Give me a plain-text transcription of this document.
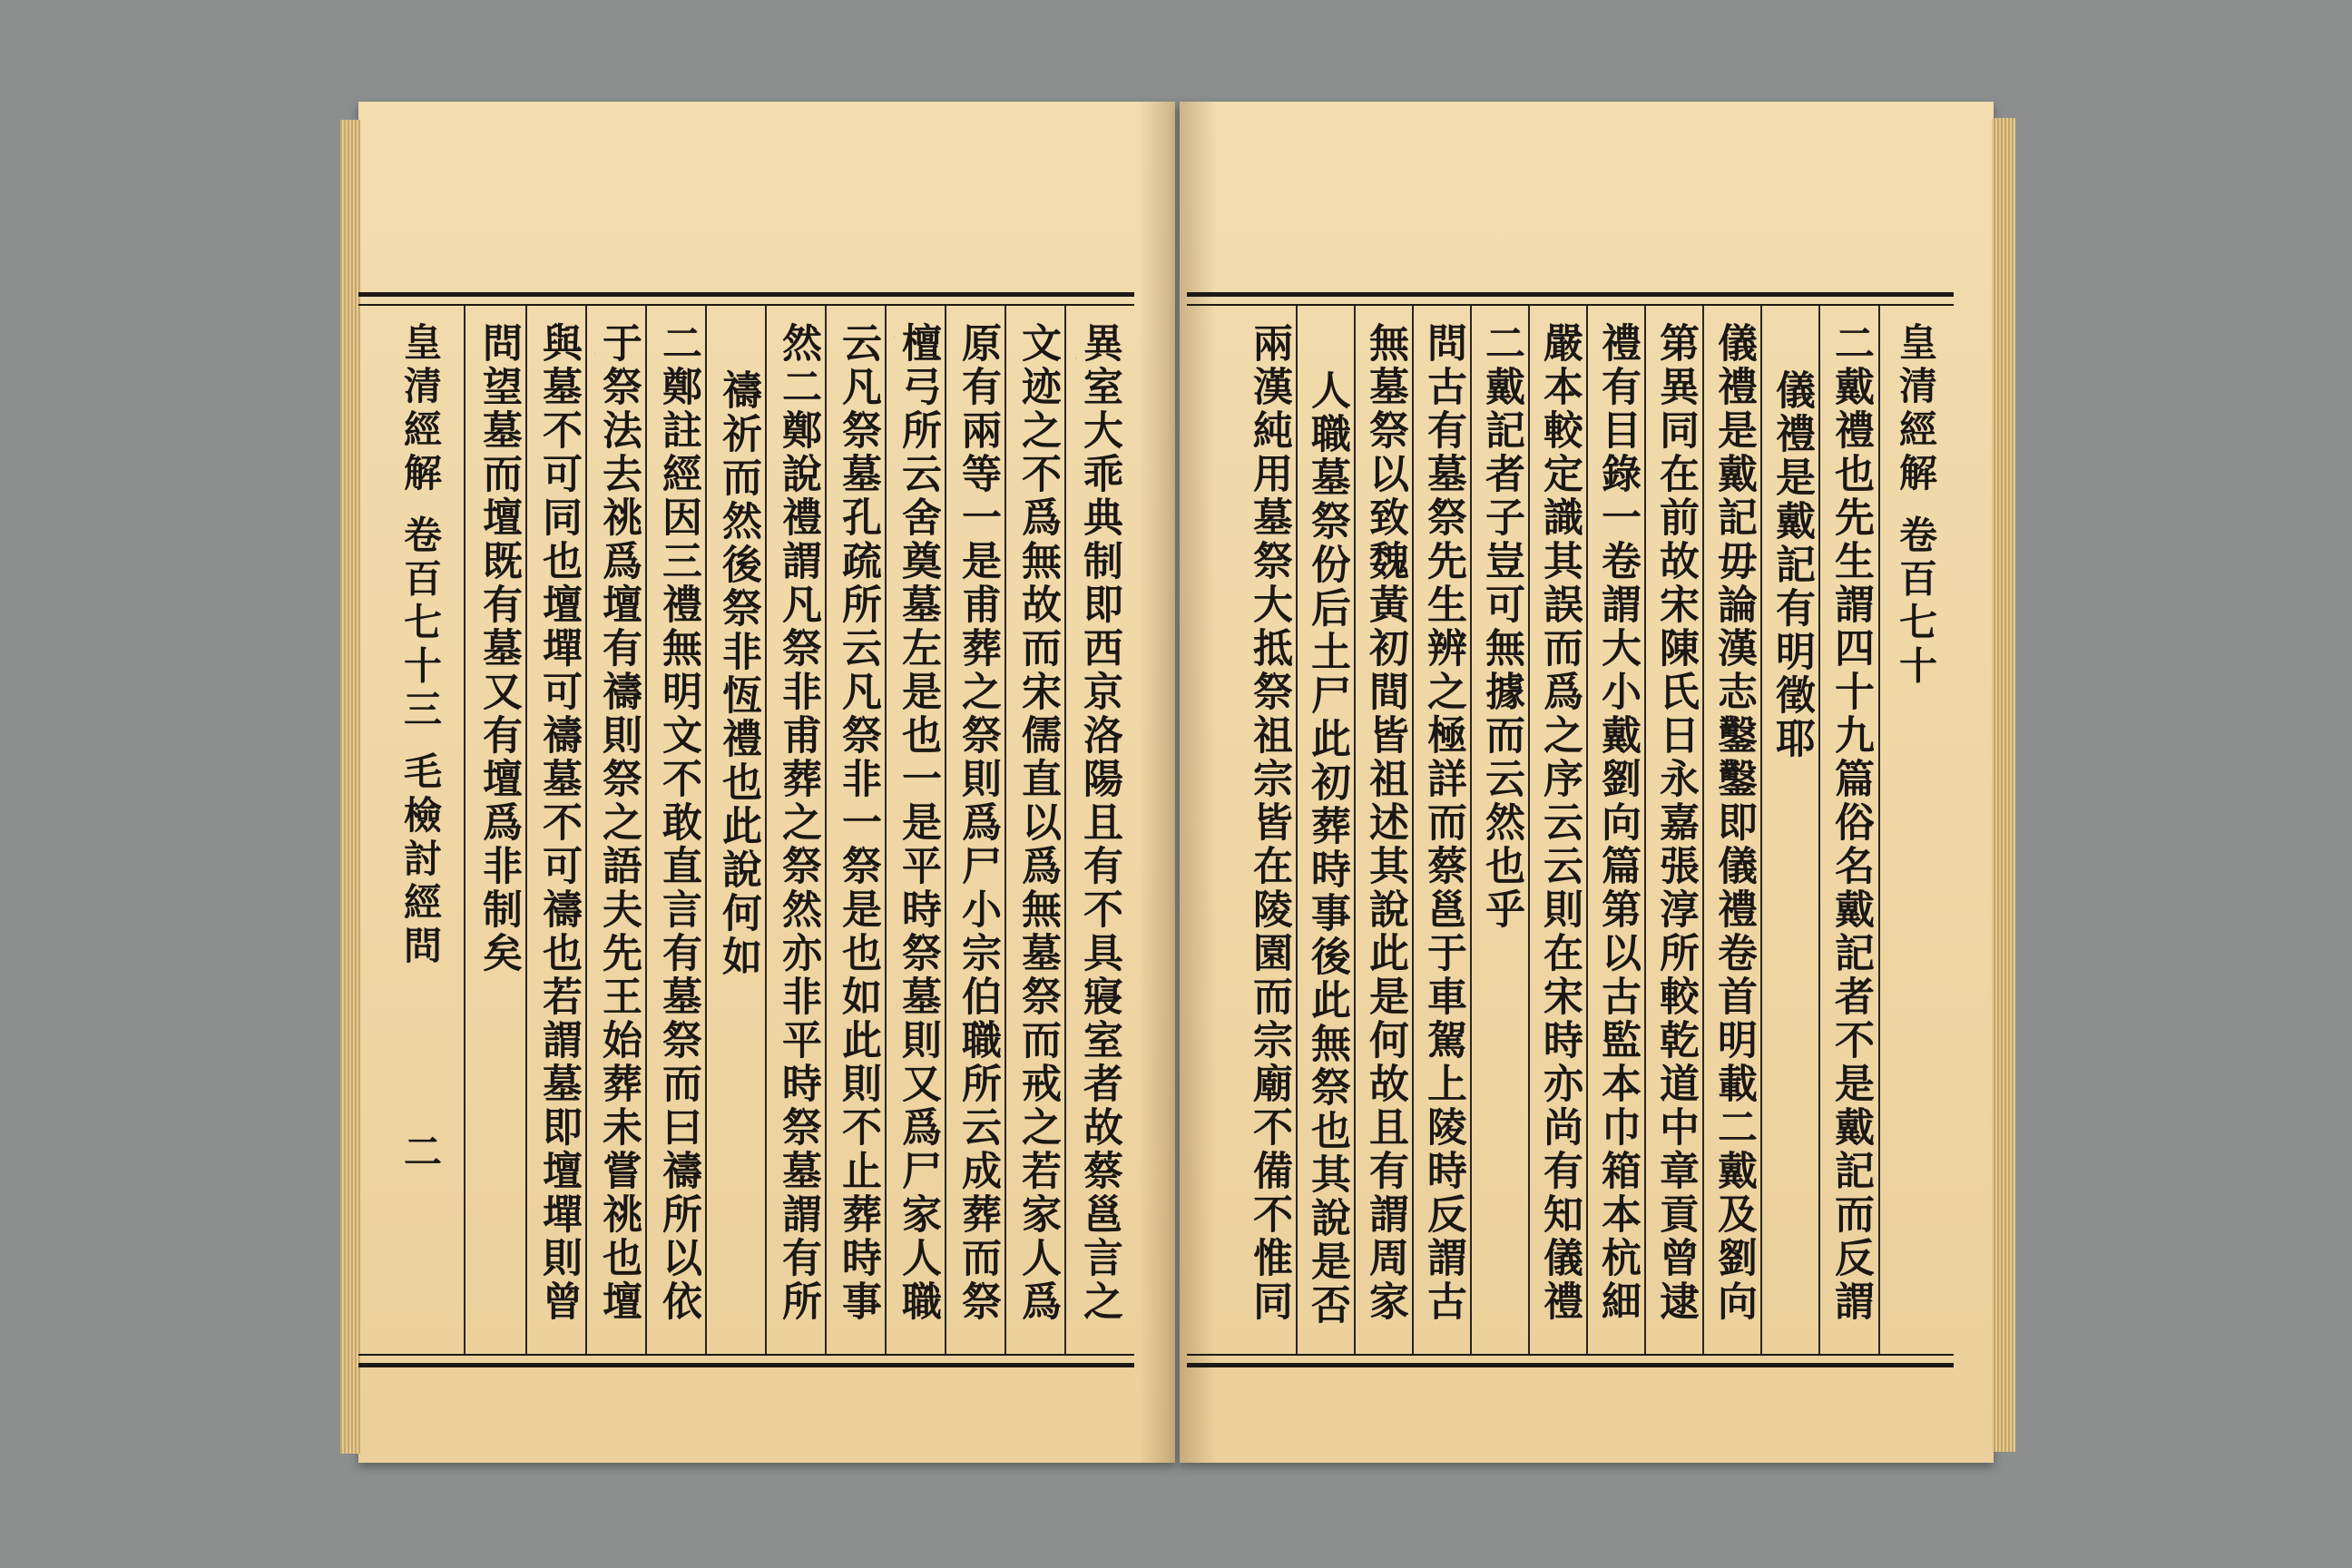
異室大乖典制即西京洛陽且有不具寢室者故蔡邕言之
文迹之不爲無故而宋儒直以爲無墓祭而戒之若家人爲
原有兩等一是甫葬之祭則爲尸小宗伯職所云成葬而祭
檀弓所云舍奠墓左是也一是平時祭墓則又爲尸家人職
云凡祭墓孔疏所云凡祭非一祭是也如此則不止葬時事
然二鄭說禮謂凡祭非甫葬之祭然亦非平時祭墓謂有所
禱祈而然後祭非恆禮也此說何如
二鄭註經因三禮無明文不敢直言有墓祭而曰禱所以依
于祭法去祧爲壇有禱則祭之語夫先王始葬未嘗祧也壇
與墓不可同也壇墠可禱墓不可禱也若謂墓即壇墠則曾
問望墓而壇既有墓又有壇爲非制矣
皇清經解 卷百七十三 毛檢討經問
二
皇清經解 卷百七十
二戴禮也先生謂四十九篇俗名戴記者不是戴記而反謂
儀禮是戴記有明徵耶
儀禮是戴記毋論漢志鑿鑿即儀禮卷首明載二戴及劉向
第異同在前故宋陳氏日永嘉張淳所較乾道中章貢曾逮
禮有目錄一卷謂大小戴劉向篇第以古監本巾箱本杭細
嚴本較定識其誤而爲之序云云則在宋時亦尚有知儀禮
二戴記者子豈可無據而云然也乎
問古有墓祭先生辨之極詳而蔡邕于車駕上陵時反謂古
無墓祭以致魏黃初間皆祖述其說此是何故且有謂周家
人職墓祭份后土尸此初葬時事後此無祭也其說是否
兩漢純用墓祭大抵祭祖宗皆在陵園而宗廟不備不惟同
